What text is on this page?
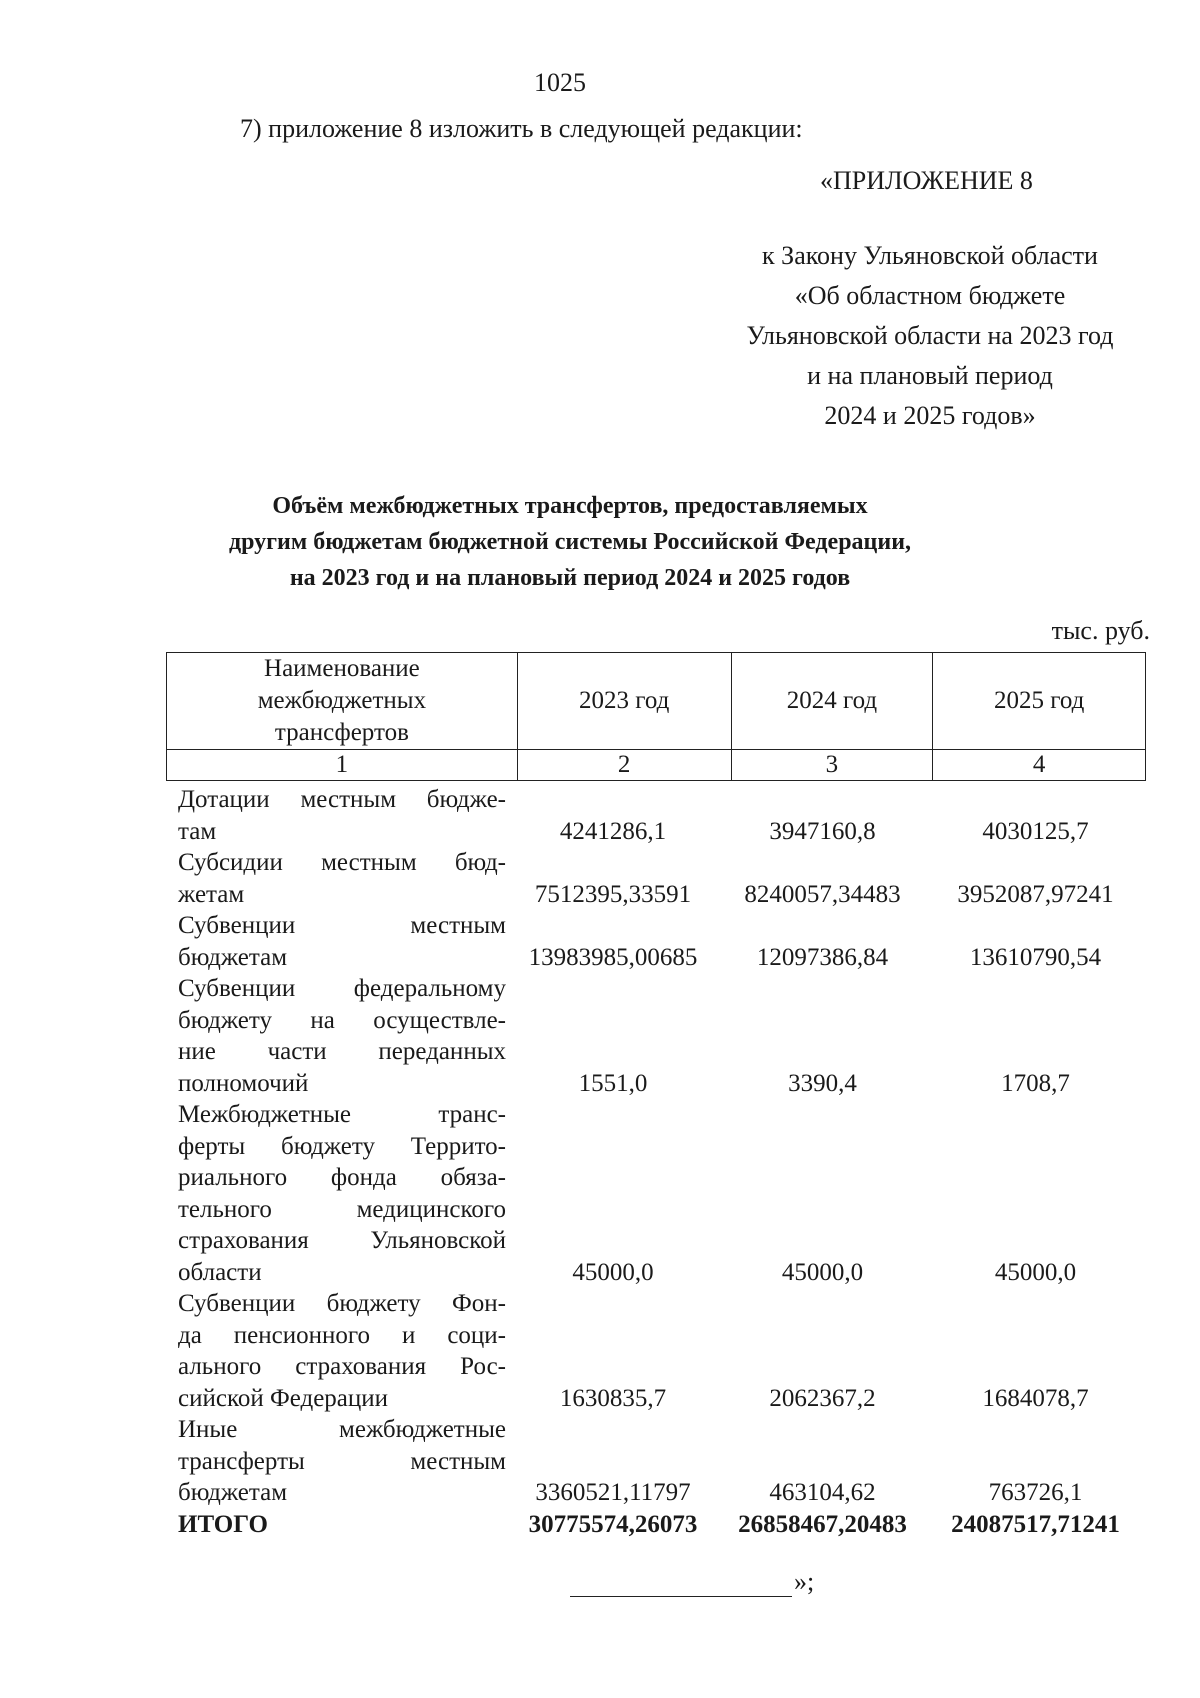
1025
7) приложение 8 изложить в следующей редакции:
«ПРИЛОЖЕНИЕ 8
к Закону Ульяновской области
«Об областном бюджете
Ульяновской области на 2023 год
и на плановый период
2024 и 2025 годов»
Объём межбюджетных трансфертов, предоставляемых
другим бюджетам бюджетной системы Российской Федерации,
на 2023 год и на плановый период 2024 и 2025 годов
тыс. руб.
Наименование
межбюджетных
трансфертов	2023 год	2024 год	2025 год
1	2	3	4
Дотации местным бюдже-
там	4241286,1	3947160,8	4030125,7
Субсидии местным бюд-
жетам	7512395,33591	8240057,34483	3952087,97241
Субвенции местным
бюджетам	13983985,00685	12097386,84	13610790,54
Субвенции федеральному
бюджету на осуществле-
ние части переданных
полномочий	1551,0	3390,4	1708,7
Межбюджетные транс-
ферты бюджету Террито-
риального фонда обяза-
тельного медицинского
страхования Ульяновской
области	45000,0	45000,0	45000,0
Субвенции бюджету Фон-
да пенсионного и соци-
ального страхования Рос-
сийской Федерации	1630835,7	2062367,2	1684078,7
Иные межбюджетные
трансферты местным
бюджетам	3360521,11797	463104,62	763726,1
ИТОГО	30775574,26073	26858467,20483	24087517,71241
»;
